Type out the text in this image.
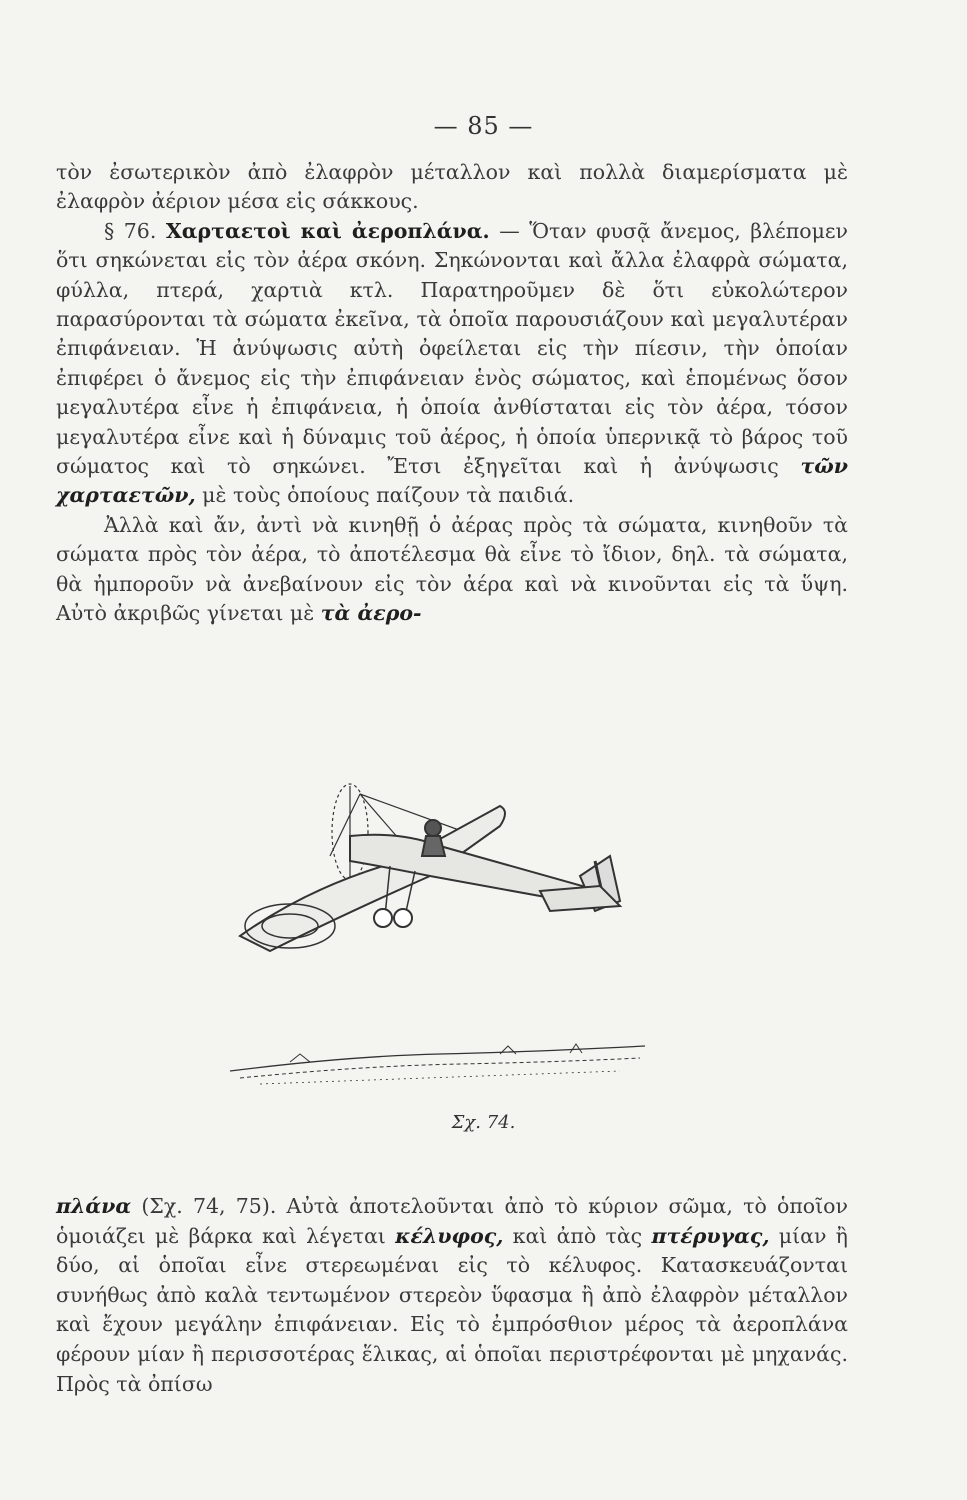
— 85 —

τὸν ἐσωτερικὸν ἀπὸ ἐλαφρὸν μέταλλον καὶ πολλὰ διαμερίσματα μὲ ἐλαφρὸν ἀέριον μέσα εἰς σάκκους.

§ 76. Χαρταετοὶ καὶ ἀεροπλάνα. — Ὅταν φυσᾷ ἄνεμος, βλέπομεν ὅτι σηκώνεται εἰς τὸν ἀέρα σκόνη. Σηκώνονται καὶ ἄλλα ἐλαφρὰ σώματα, φύλλα, πτερά, χαρτιὰ κτλ. Παρατηροῦμεν δὲ ὅτι εὐκολώτερον παρασύρονται τὰ σώματα ἐκεῖνα, τὰ ὁποῖα παρουσιάζουν καὶ μεγαλυτέραν ἐπιφάνειαν. Ἡ ἀνύψωσις αὐτὴ ὀφείλεται εἰς τὴν πίεσιν, τὴν ὁποίαν ἐπιφέρει ὁ ἄνεμος εἰς τὴν ἐπιφάνειαν ἑνὸς σώματος, καὶ ἑπομένως ὅσον μεγαλυτέρα εἶνε ἡ ἐπιφάνεια, ἡ ὁποία ἀνθίσταται εἰς τὸν ἀέρα, τόσον μεγαλυτέρα εἶνε καὶ ἡ δύναμις τοῦ ἀέρος, ἡ ὁποία ὑπερνικᾷ τὸ βάρος τοῦ σώματος καὶ τὸ σηκώνει. Ἔτσι ἐξηγεῖται καὶ ἡ ἀνύψωσις τῶν χαρταετῶν, μὲ τοὺς ὁποίους παίζουν τὰ παιδιά.

Ἀλλὰ καὶ ἄν, ἀντὶ νὰ κινηθῇ ὁ ἀέρας πρὸς τὰ σώματα, κινηθοῦν τὰ σώματα πρὸς τὸν ἀέρα, τὸ ἀποτέλεσμα θὰ εἶνε τὸ ἴδιον, δηλ. τὰ σώματα, θὰ ἠμποροῦν νὰ ἀνεβαίνουν εἰς τὸν ἀέρα καὶ νὰ κινοῦνται εἰς τὰ ὕψη. Αὐτὸ ἀκριβῶς γίνεται μὲ τὰ ἀερο-

Σχ. 74.

πλάνα (Σχ. 74, 75). Αὐτὰ ἀποτελοῦνται ἀπὸ τὸ κύριον σῶμα, τὸ ὁποῖον ὁμοιάζει μὲ βάρκα καὶ λέγεται κέλυφος, καὶ ἀπὸ τὰς πτέρυγας, μίαν ἢ δύο, αἱ ὁποῖαι εἶνε στερεωμέναι εἰς τὸ κέλυφος. Κατασκευάζονται συνήθως ἀπὸ καλὰ τεντωμένον στερεὸν ὕφασμα ἢ ἀπὸ ἐλαφρὸν μέταλλον καὶ ἔχουν μεγάλην ἐπιφάνειαν. Εἰς τὸ ἐμπρόσθιον μέρος τὰ ἀεροπλάνα φέρουν μίαν ἢ περισσοτέρας ἕλικας, αἱ ὁποῖαι περιστρέφονται μὲ μηχανάς. Πρὸς τὰ ὀπίσω
